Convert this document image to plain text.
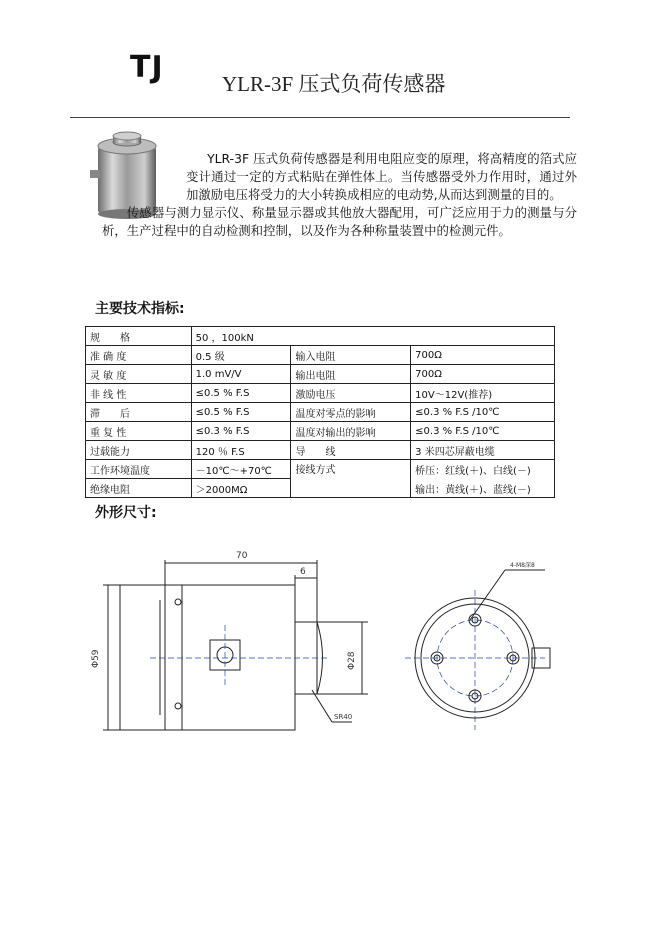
TJ	YLR-3F 压式负荷传感器

YLR-3F 压式负荷传感器是利用电阻应变的原理，将高精度的箔式应变计通过一定的方式粘贴在弹性体上。当传感器受外力作用时，通过外加激励电压将受力的大小转换成相应的电动势,从而达到测量的目的。

传感器与测力显示仪、称量显示器或其他放大器配用，可广泛应用于力的测量与分析，生产过程中的自动检测和控制，以及作为各种称量装置中的检测元件。

主要技术指标:
规　　格	50 ，100kN		
准 确 度	0.5 级	输入电阻	700Ω
灵 敏 度	1.0 mV/V	输出电阻	700Ω
非 线 性	≤0.5 % F.S	激励电压	10V～12V(推荐)
滞　　后	≤0.5 % F.S	温度对零点的影响	≤0.3 % F.S /10℃
重 复 性	≤0.3 % F.S	温度对输出的影响	≤0.3 % F.S /10℃
过载能力	120 ％ F.S	导　　线	3 米四芯屏蔽电缆
工作环境温度	－10℃～+70℃	接线方式	桥压：红线(＋)、白线(－)
输出：黄线(＋)、蓝线(－)

绝缘电阻	＞2000MΩ		
外形尺寸:
70
6
Φ59	Φ28
SR40
4-M8深8
